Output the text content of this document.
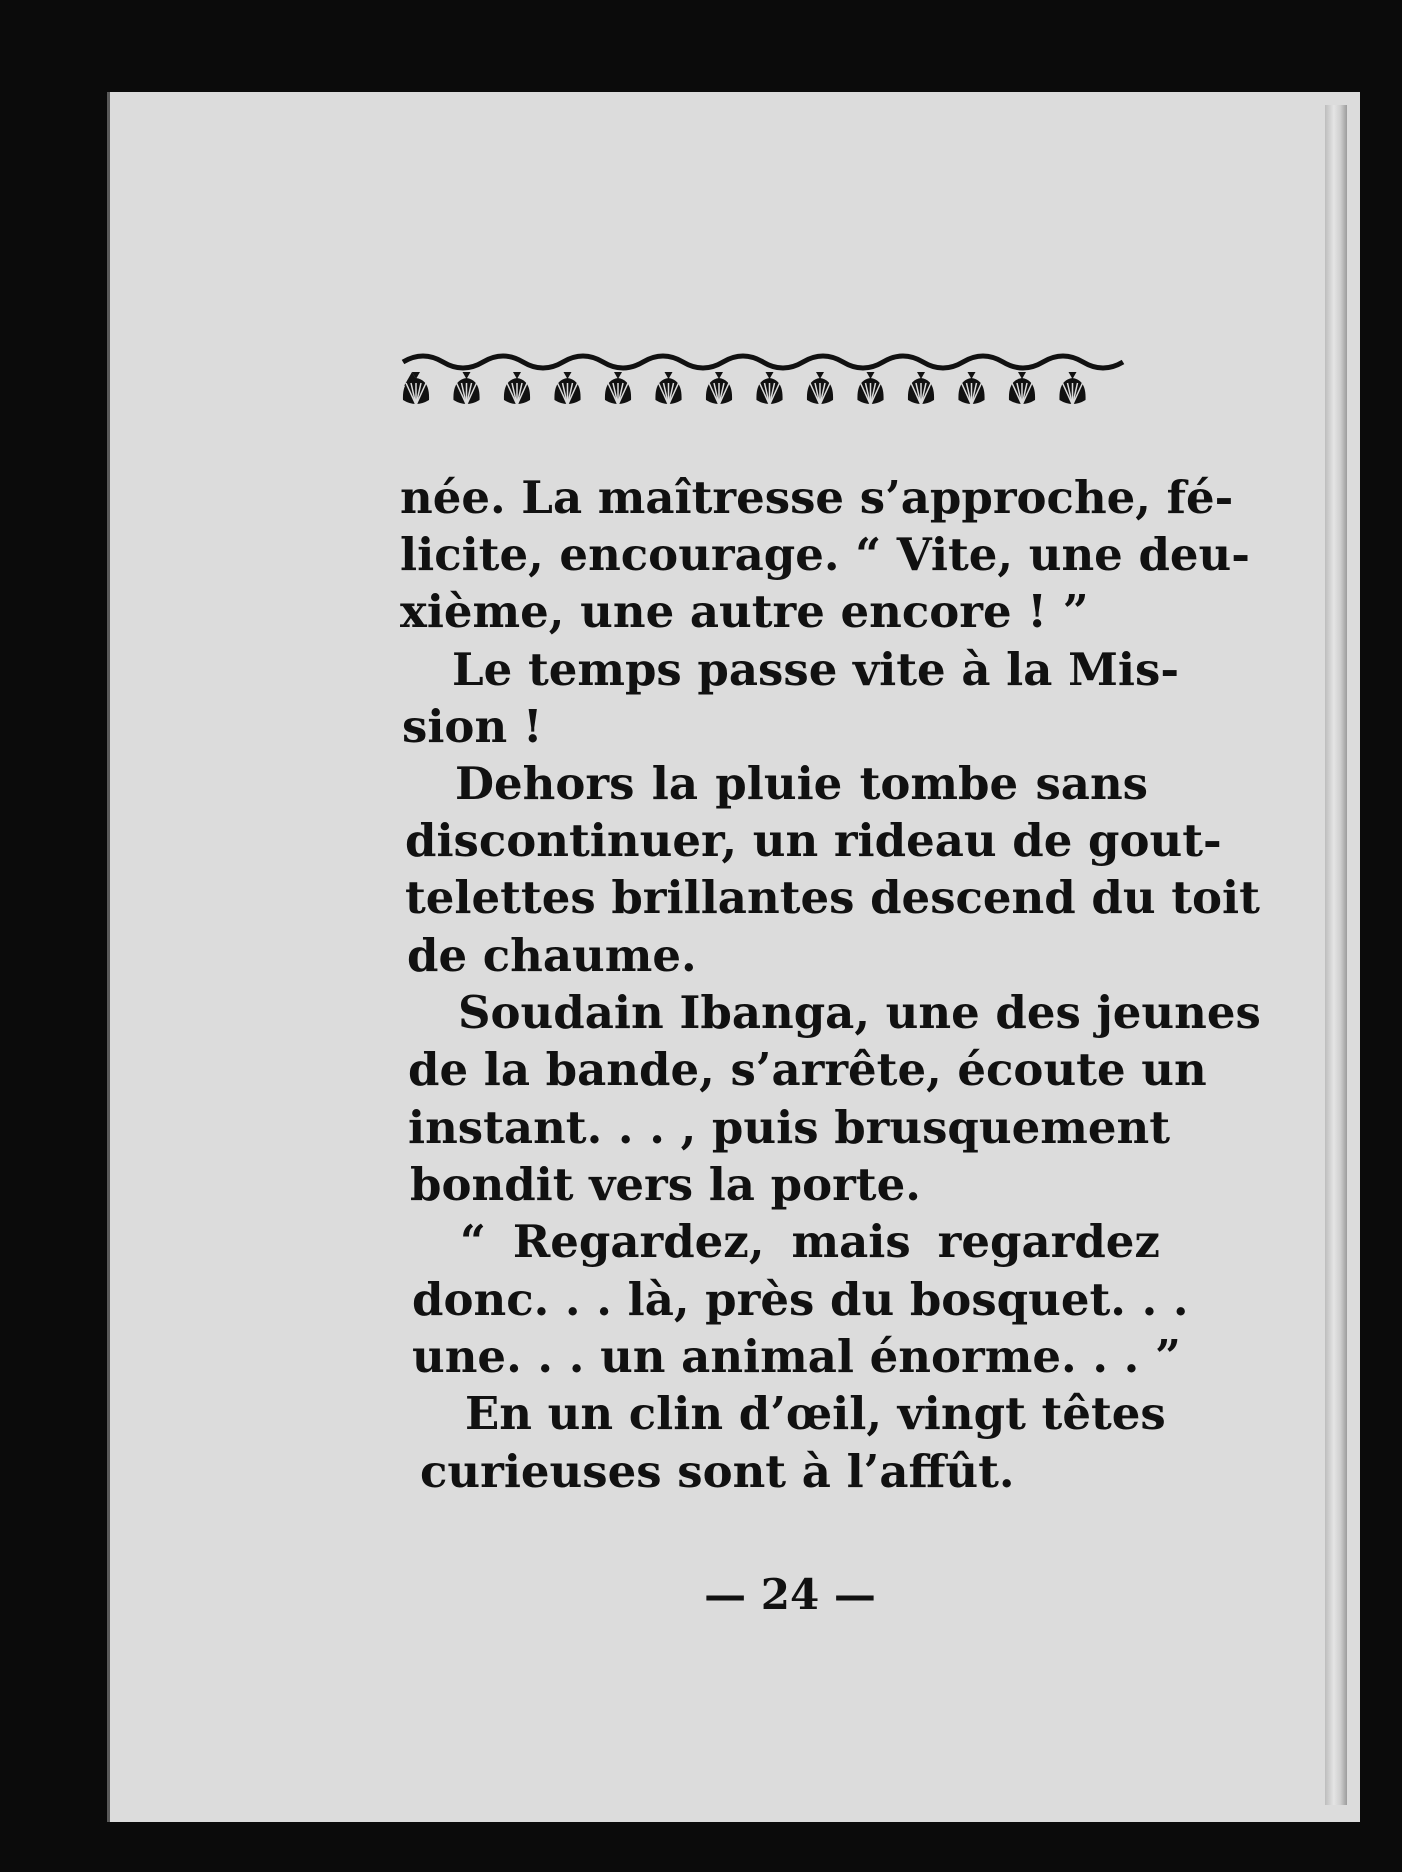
née. La maîtresse s’approche, fé-
licite, encourage. “ Vite, une deu-
xième, une autre encore ! ”
Le temps passe vite à la Mis-
sion !
Dehors la pluie tombe sans
discontinuer, un rideau de gout-
telettes brillantes descend du toit
de chaume.
Soudain Ibanga, une des jeunes
de la bande, s’arrête, écoute un
instant. . . , puis brusquement
bondit vers la porte.
“ Regardez, mais regardez
donc. . . là, près du bosquet. . .
une. . . un animal énorme. . . ”
En un clin d’œil, vingt têtes
curieuses sont à l’affût.
— 24 —
